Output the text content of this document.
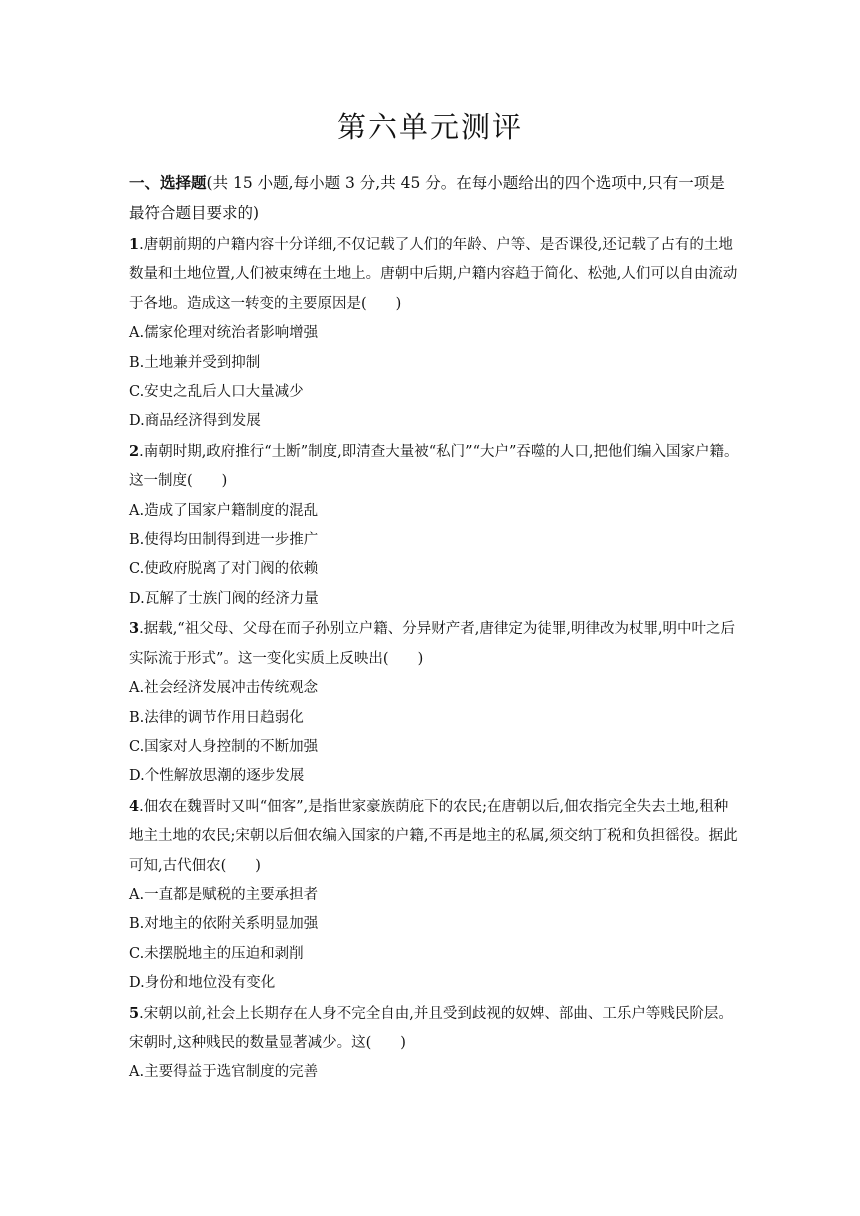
第六单元测评
一、选择题(共 15 小题,每小题 3 分,共 45 分。在每小题给出的四个选项中,只有一项是最符合题目要求的)
1.唐朝前期的户籍内容十分详细,不仅记载了人们的年龄、户等、是否课役,还记载了占有的土地数量和土地位置,人们被束缚在土地上。唐朝中后期,户籍内容趋于简化、松弛,人们可以自由流动于各地。造成这一转变的主要原因是(　　)
A.儒家伦理对统治者影响增强
B.土地兼并受到抑制
C.安史之乱后人口大量减少
D.商品经济得到发展
2.南朝时期,政府推行“土断”制度,即清查大量被“私门”“大户”吞噬的人口,把他们编入国家户籍。这一制度(　　)
A.造成了国家户籍制度的混乱
B.使得均田制得到进一步推广
C.使政府脱离了对门阀的依赖
D.瓦解了士族门阀的经济力量
3.据载,“祖父母、父母在而子孙别立户籍、分异财产者,唐律定为徒罪,明律改为杖罪,明中叶之后实际流于形式”。这一变化实质上反映出(　　)
A.社会经济发展冲击传统观念
B.法律的调节作用日趋弱化
C.国家对人身控制的不断加强
D.个性解放思潮的逐步发展
4.佃农在魏晋时又叫“佃客”,是指世家豪族荫庇下的农民;在唐朝以后,佃农指完全失去土地,租种地主土地的农民;宋朝以后佃农编入国家的户籍,不再是地主的私属,须交纳丁税和负担徭役。据此可知,古代佃农(　　)
A.一直都是赋税的主要承担者
B.对地主的依附关系明显加强
C.未摆脱地主的压迫和剥削
D.身份和地位没有变化
5.宋朝以前,社会上长期存在人身不完全自由,并且受到歧视的奴婢、部曲、工乐户等贱民阶层。宋朝时,这种贱民的数量显著减少。这(　　)
A.主要得益于选官制度的完善
